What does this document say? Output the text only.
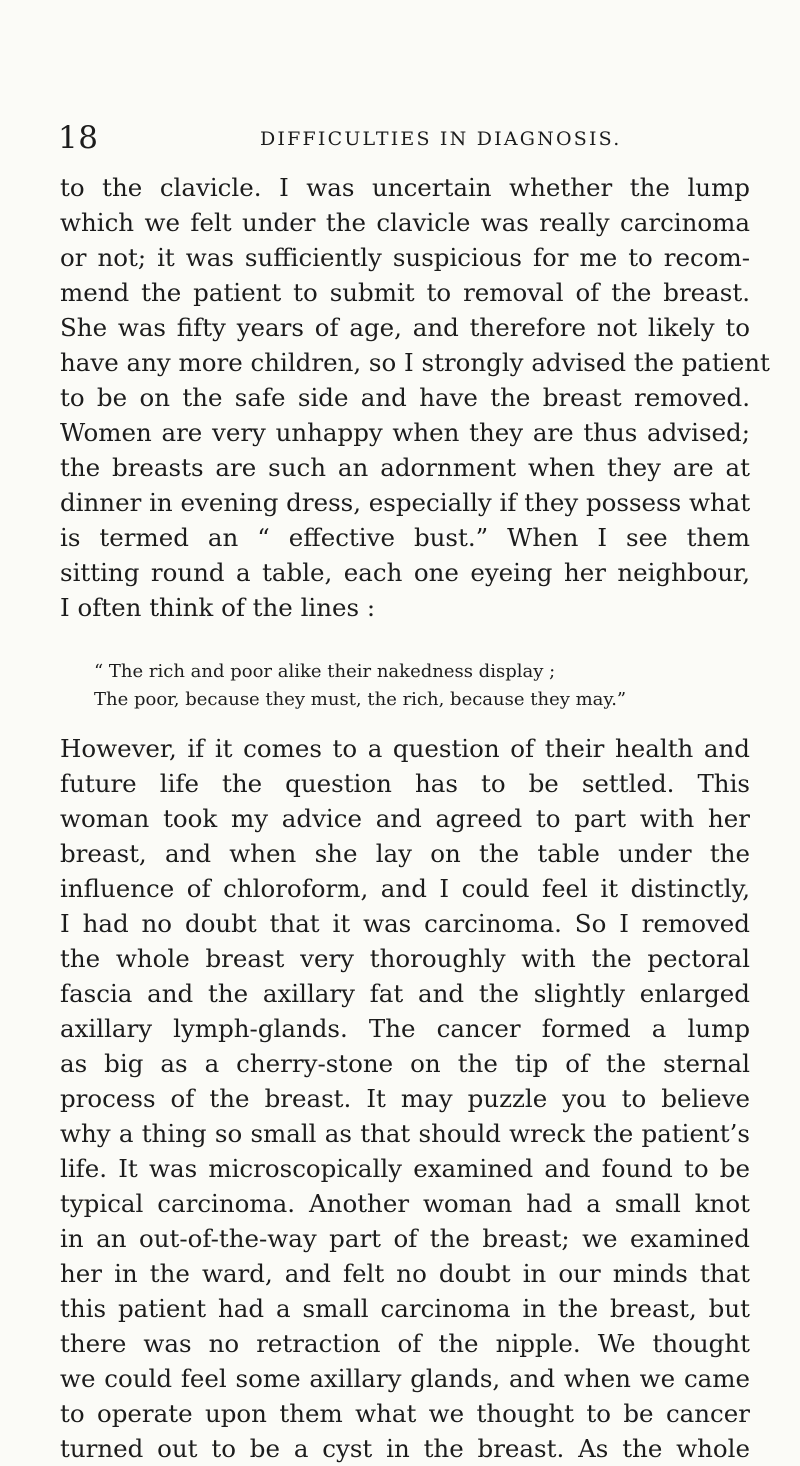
18	DIFFICULTIES IN DIAGNOSIS.
to the clavicle. I was uncertain whether the lump
which we felt under the clavicle was really carcinoma
or not; it was sufficiently suspicious for me to recom-
mend the patient to submit to removal of the breast.
She was fifty years of age, and therefore not likely to
have any more children, so I strongly advised the patient
to be on the safe side and have the breast removed.
Women are very unhappy when they are thus advised;
the breasts are such an adornment when they are at
dinner in evening dress, especially if they possess what
is termed an “ effective bust.” When I see them
sitting round a table, each one eyeing her neighbour,
I often think of the lines :
“ The rich and poor alike their nakedness display ;
The poor, because they must, the rich, because they may.”
However, if it comes to a question of their health and
future life the question has to be settled. This
woman took my advice and agreed to part with her
breast, and when she lay on the table under the
influence of chloroform, and I could feel it distinctly,
I had no doubt that it was carcinoma. So I removed
the whole breast very thoroughly with the pectoral
fascia and the axillary fat and the slightly enlarged
axillary lymph-glands. The cancer formed a lump
as big as a cherry-stone on the tip of the sternal
process of the breast. It may puzzle you to believe
why a thing so small as that should wreck the patient’s
life. It was microscopically examined and found to be
typical carcinoma. Another woman had a small knot
in an out-of-the-way part of the breast; we examined
her in the ward, and felt no doubt in our minds that
this patient had a small carcinoma in the breast, but
there was no retraction of the nipple. We thought
we could feel some axillary glands, and when we came
to operate upon them what we thought to be cancer
turned out to be a cyst in the breast. As the whole
